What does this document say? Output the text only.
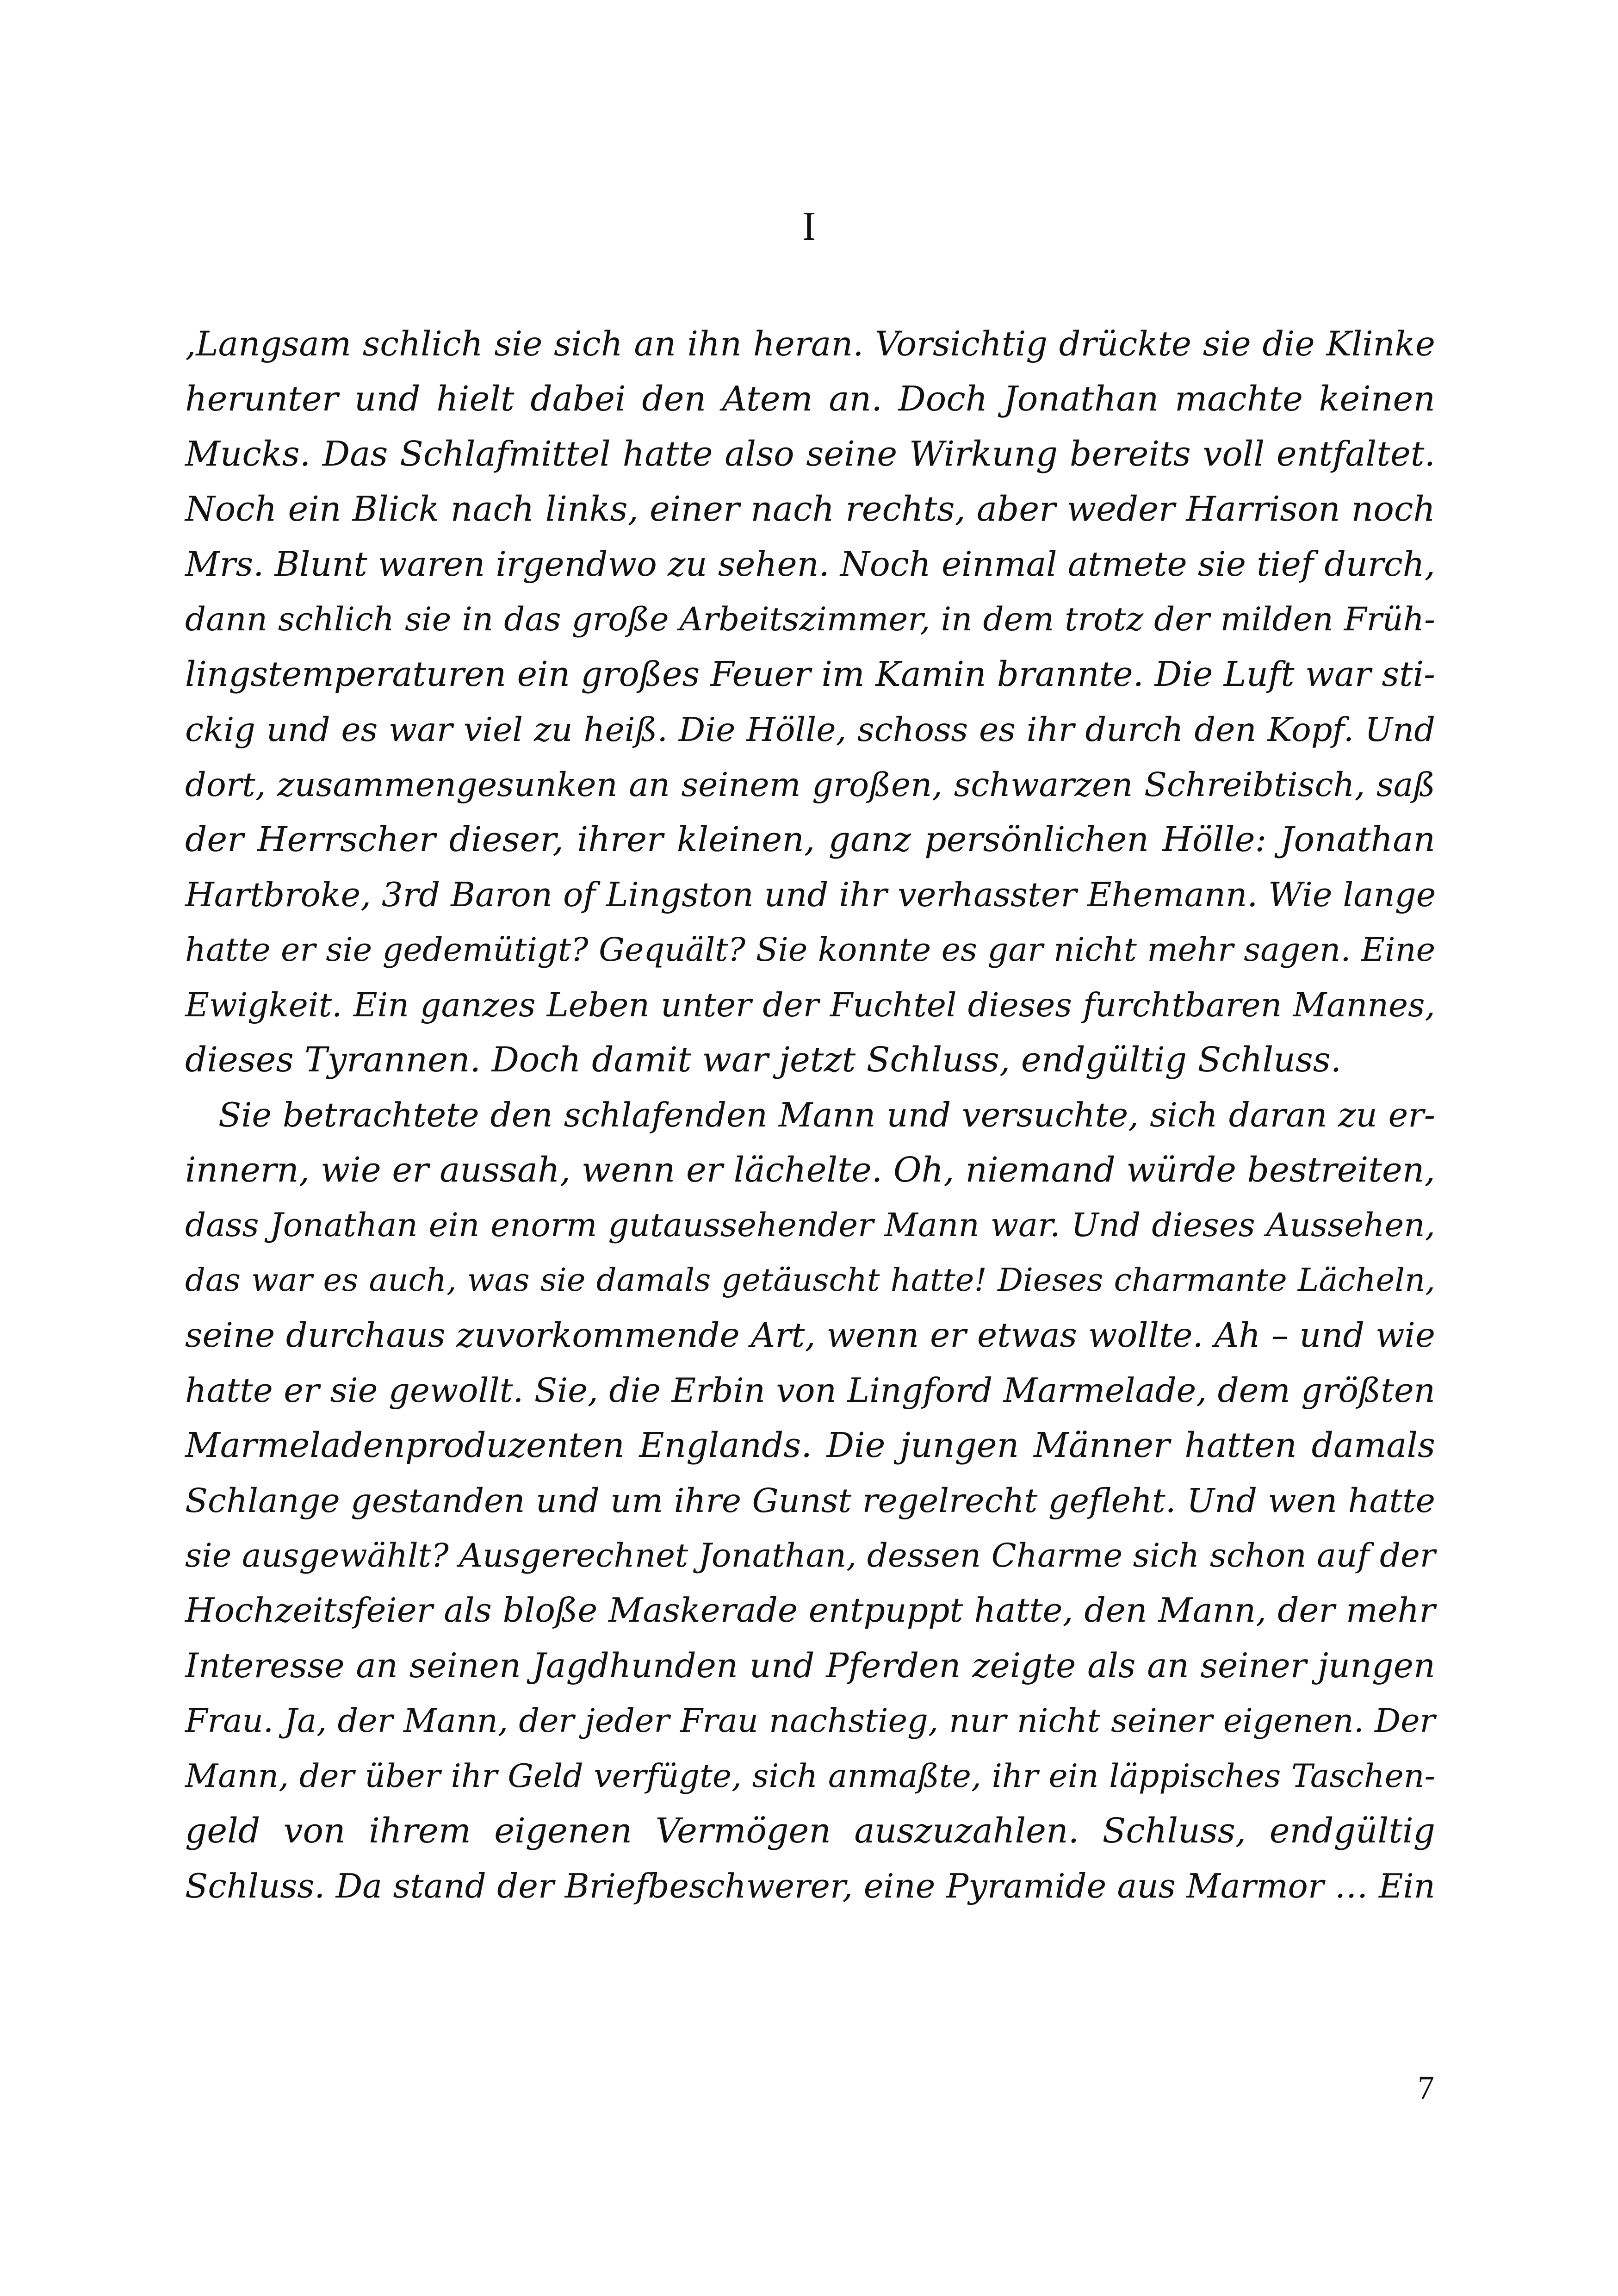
I
‚Langsam schlich sie sich an ihn heran. Vorsichtig drückte sie die Klinke
herunter und hielt dabei den Atem an. Doch Jonathan machte keinen
Mucks. Das Schlafmittel hatte also seine Wirkung bereits voll entfaltet.
Noch ein Blick nach links, einer nach rechts, aber weder Harrison noch
Mrs. Blunt waren irgendwo zu sehen. Noch einmal atmete sie tief durch,
dann schlich sie in das große Arbeitszimmer, in dem trotz der milden Früh-
lingstemperaturen ein großes Feuer im Kamin brannte. Die Luft war sti-
ckig und es war viel zu heiß. Die Hölle, schoss es ihr durch den Kopf. Und
dort, zusammengesunken an seinem großen, schwarzen Schreibtisch, saß
der Herrscher dieser, ihrer kleinen, ganz persönlichen Hölle: Jonathan
Hartbroke, 3rd Baron of Lingston und ihr verhasster Ehemann. Wie lange
hatte er sie gedemütigt? Gequält? Sie konnte es gar nicht mehr sagen. Eine
Ewigkeit. Ein ganzes Leben unter der Fuchtel dieses furchtbaren Mannes,
dieses Tyrannen. Doch damit war jetzt Schluss, endgültig Schluss.
Sie betrachtete den schlafenden Mann und versuchte, sich daran zu er-
innern, wie er aussah, wenn er lächelte. Oh, niemand würde bestreiten,
dass Jonathan ein enorm gutaussehender Mann war. Und dieses Aussehen,
das war es auch, was sie damals getäuscht hatte! Dieses charmante Lächeln,
seine durchaus zuvorkommende Art, wenn er etwas wollte. Ah – und wie
hatte er sie gewollt. Sie, die Erbin von Lingford Marmelade, dem größten
Marmeladenproduzenten Englands. Die jungen Männer hatten damals
Schlange gestanden und um ihre Gunst regelrecht gefleht. Und wen hatte
sie ausgewählt? Ausgerechnet Jonathan, dessen Charme sich schon auf der
Hochzeitsfeier als bloße Maskerade entpuppt hatte, den Mann, der mehr
Interesse an seinen Jagdhunden und Pferden zeigte als an seiner jungen
Frau. Ja, der Mann, der jeder Frau nachstieg, nur nicht seiner eigenen. Der
Mann, der über ihr Geld verfügte, sich anmaßte, ihr ein läppisches Taschen-
geld von ihrem eigenen Vermögen auszuzahlen. Schluss, endgültig
Schluss. Da stand der Briefbeschwerer, eine Pyramide aus Marmor … Ein
7
